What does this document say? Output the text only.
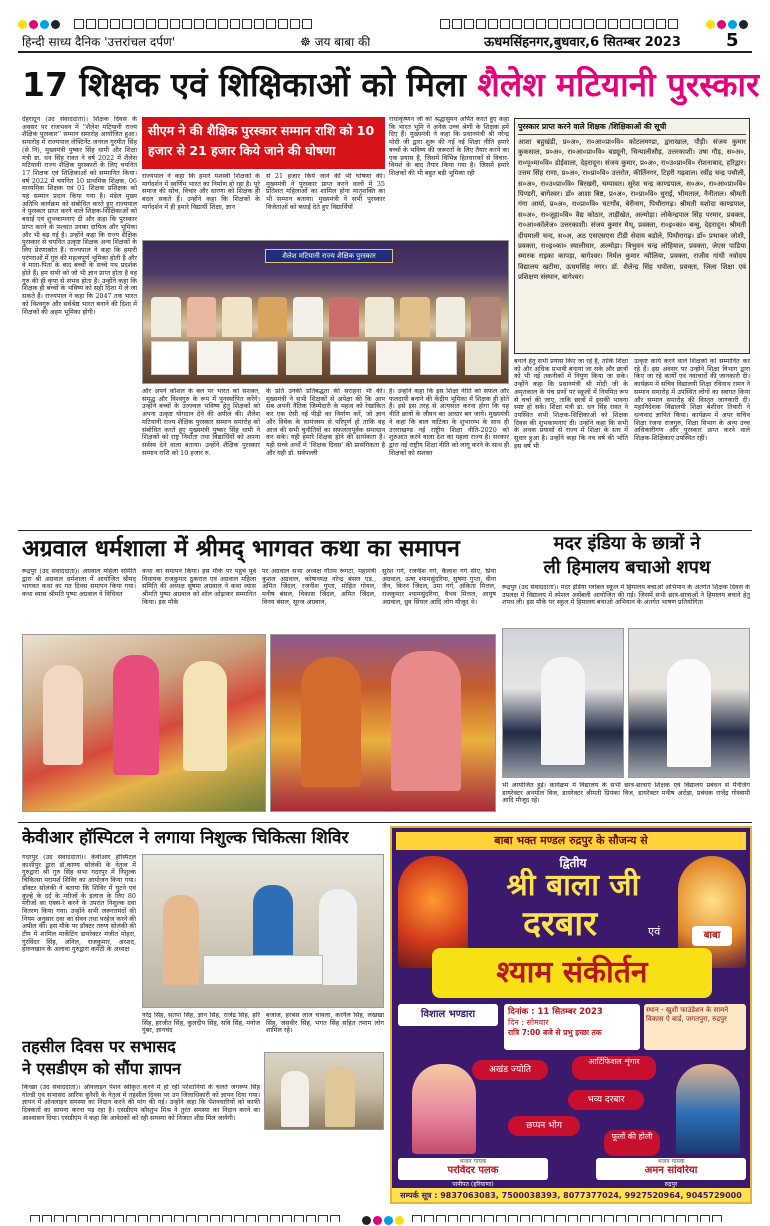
हिन्दी साध्य दैनिक 'उत्तरांचल दर्पण'	☸ जय बाबा की	ऊधमसिंहनगर,बुधवार,6 सितम्बर 2023	5
17 शिक्षक एवं शिक्षिकाओं को मिला शैलेश मटियानी पुरस्कार
देहरादून (उद संवाददाता)। शिक्षक दिवस के अवसर पर राजभवन में ''शैलेश मटियानी राज्य शैक्षिक पुरस्कार'' सम्मान समारोह आयोजित हुआ। समारोह में राज्यपाल लेफ्टिनेंट जनरल गुरमीत सिंह (से नि), मुख्यमंत्री पुष्कर सिंह धामी और शिक्षा मंत्री डा. धन सिंह रावत ने वर्ष 2022 में शैलेश मटियानी राज्य शैक्षिक पुरस्कारों के लिए चयनित 17 शिक्षक एवं शिक्षिकाओं को सम्मानित किया। वर्ष 2022 में चयनित 10 प्राथमिक शिक्षक, 06 माध्यमिक शिक्षक एवं 01 शिक्षक प्रशिक्षक को यह सम्मान प्रदान किया गया है। मंडेल मुख्य अतिथि कार्यक्रम को संबोधित करते हुए राज्यपाल ने पुरस्कार प्राप्त करने वाले शिक्षक-शिक्षिकाओं को बधाई एवं शुभकामनाएं दी और कहा कि पुरस्कार प्राप्त करने के पश्चात उनका दायित्व और भूमिका और भी बढ़ गई है। उन्होंने कहा कि राज्य शैक्षिक पुरस्कार से चयनित उत्कृष्ट शिक्षक अन्य शिक्षकों के लिए प्रेरणास्रोत हैं। राज्यपाल ने कहा कि हमारी परंपराओं में गुरु की महत्वपूर्ण भूमिका होती है और वे माता-पिता के बाद बच्चों के सच्चे पथ प्रदर्शक होते हैं। हम सभी को जो भी ज्ञान प्राप्त होता है वह गुरु की ही कृपा से संभव होता है। उन्होंने कहा कि शिक्षक ही बच्चों के भविष्य को सही दिशा में ले जा सकते हैं। राज्यपाल ने कहा कि 2047 तक भारत को विश्वगुरु और सर्वश्रेष्ठ भारत बनाने की दिशा में शिक्षकों की अहम भूमिका होगी।
सीएम ने की शैक्षिक पुरस्कार सम्मान राशि को 10 हजार से 21 हजार किये जाने की घोषणा
राज्यपाल ने कहा कि हमारे यशस्वी शिक्षकों के मार्गदर्शन में स्वर्णिम भारत का निर्माण हो रहा है। पूरे समाज की सोच, विचार और धारणा को शिक्षक ही बदल सकते हैं। उन्होंने कहा कि शिक्षकों के मार्गदर्शन में ही हमारे विद्यार्थी शिक्षा, ज्ञान
से 21 हजार किये जाने की भी घोषणा की। मुख्यमंत्री ने पुरस्कार प्राप्त करने वालों में 35 प्रतिशत महिलाओं का शामिल होना मातृशक्ति का भी सम्मान बताया। मुख्यमंत्री ने सभी पुरस्कार विजेताओं को बधाई देते हुए विद्यार्थियों
राधाकृष्णन जी को श्रद्धासुमन अर्पित करते हुए कहा कि भारत भूमि ने अनेक उच्च श्रेणी के शिक्षक हमें दिए हैं। मुख्यमंत्री ने कहा कि प्रधानमंत्री श्री नरेन्द्र मोदी जी द्वारा शुरू की गई नई शिक्षा नीति हमारे बच्चों के भविष्य की जरूरतों के लिए तैयार करने का एक प्रयास है, जिसमें विभिन्न हितधारकों से विचार-विमर्श के बाद तैयार किया गया है। जिसमें हमारे शिक्षकों की भी बहुत बड़ी भूमिका रही
शैलेश मटियानी राज्य शैक्षिक पुरस्कार
और अपने कौशल के बल पर भारत को सशक्त, समृद्ध और विश्वगुरु के रूप में पुनर्स्थापित करेंगे। उन्होंने बच्चों के उज्ज्वल भविष्य हेतु शिक्षकों को अपना उत्कृष्ट योगदान देने की अपील की। शैलेश मटियानी राज्य शैक्षिक पुरस्कार सम्मान समारोह को संबोधित करते हुए मुख्यमंत्री पुष्कर सिंह धामी ने शिक्षकों को राष्ट्र निर्माता तथा विद्यार्थियों को अपना सर्वस्व देने वाला बताया। उन्होंने शैक्षिक पुरस्कार सम्मान राशि को 10 हजार रु.
के प्रति उनकी प्रतिबद्धता की सराहना भी की। मुख्यमंत्री ने सभी शिक्षकों से अपेक्षा की कि आप सब अपनी नैतिक जिम्मेदारी के महत्व को रेखांकित कर एक ऐसी नई पीढ़ी का निर्माण करें, जो ज्ञान और विवेक के सामंजस्य से परिपूर्ण हो ताकि वह आज की सभी चुनौतियों का सफलतापूर्वक समाधान कर सके। यही हमारे शिक्षक होने की सार्थकता है। यही सच्चे अर्थों में 'शिक्षक दिवस' की प्रासंगिकता है और यही डॉ. सर्वपल्ली
है। उन्होंने कहा कि इस शिक्षा नीति को सफल और फलदायी बनाने की केंद्रीय भूमिका में शिक्षक ही होते हैं। इसे इस तरह से अत्यसात करना होगा कि यह नीति छात्रों के जीवन का आधार बन जाये। मुख्यमंत्री ने कहा कि बाल वाटिका के शुभारम्भ के साथ ही उत्तराखण्ड नई राष्ट्रीय शिक्षा नीति-2020 को शुरुआत करने वाला देश का पहला राज्य है। सरकार द्वारा नई राष्ट्रीय शिक्षा नीति को लागू करने के साथ ही शिक्षकों को सशक्त
पुरस्कार प्राप्त करने वाले शिक्षक /शिक्षिकाओं की सूची
आशा बहुखंडी, प्र०अ०, रा०आ०प्रा०वि० कोटलमण्डा, द्वाराखाल, पौड़ी। संजय कुमार कुकसाल, प्र०अ०, रा०आ०प्रा०वि० बड्यूनी, चिन्यालीसौड़, उत्तरकाशी। उषा गौड़, स०अ०, रा०पू०मा०वि० डोईवाला, देहरादून। संजय कुमार, प्र०अ०, रा०उ०प्रा०वि० रोशनाबाद, हरिद्वार। उत्तम सिंह राणा, प्र०अ०, रा०प्रा०वि० उत्तरोत, कीर्तिनगर, टिहरी गढ़वाल। रवींद्र चन्द्र पचौली, स०अ०, रा०उ०प्रा०वि० बिरखरी, चम्पावत। सुरेश चन्द्र काण्डपाल, स०अ०, रा०आ०प्रा०वि० पिण्डरी, बागेश्वर। डॉ० आशा बिष्ट, प्र०अ०, रा०प्रा०वि० धुराई, भीमताल, नैनीताल। श्रीमती गंगा आर्या, प्र०अ०, रा०प्रा०वि० चटगाँव, बेरीनाग, पिथौरागढ़। श्रीमती यशोदा काण्डपाल, स०अ०, रा०जूहा०वि० वैद्य कोठार, ताड़ीखेत, अल्मोड़ा। लोकेन्द्रपाल सिंह परमार, प्रवक्ता, रा०आ०कॉलेज० उत्तरकाशी। संजय कुमार मैथ्, प्रवक्ता, रा०इ०का० बन्धु, देहरादून। श्रीमती दीपमाली चन्द, स०अ, अठ एसएसएस टीडी सेवाय बडोले, पिथौरागढ़। डॉ० प्रभाकर जोशी, प्रवक्ता, रा०इ०का० स्यालीधार, अल्मोड़ा। त्रिभुवन चन्द्र लोहियाल, प्रवक्ता, जेएस पाडिया स्मारक राइका कापड़ा, बागेश्वर। निर्मल कुमार न्यौलिया, प्रवक्ता, राजीव गांधी नवोदय विद्यालय खटीमा, ऊधमसिंह नगर। डॉ. शैलेन्द्र सिंह धपोला, प्रवक्ता, जिला शिक्षा एवं प्रशिक्षण संस्थान, बागेश्वर।
बनाने हेतु सभी प्रयास किए जा रहे हैं, ताकि शिक्षा को और अधिक प्रभावी बनाया जा सके और छात्रों को भी नई तकनीकों में निपुण किया जा सके। उन्होंने कहा कि प्रधानमंत्री श्री मोदी जी के अमृतकाल के पंच प्रणों पर स्कूलों में नियमित रूप से चर्चा की जाए, ताकि छात्रों में इसकी भावना स्पष्ट हो सके। शिक्षा मंत्री डा. धन सिंह रावत ने उपस्थित सभी शिक्षक-शिक्षिकाओं को शिक्षक दिवस की शुभकामनाएं दी। उन्होंने कहा कि सभी के अथक प्रयासों से राज्य में शिक्षा के स्तर में सुधार हुआ है। उन्होंने कहा कि नव वर्ष की भाँति इस वर्ष भी
उत्कृष्ट कार्य करने वाले शिक्षकों को सम्मानित कर रहे हैं। इस अवसर पर उन्होंने शिक्षा विभाग द्वारा किए जा रहे कार्यों एवं नवाचारों की जानकारी दी। कार्यक्रम में सचिव विद्यालयी शिक्षा रविनाथ रामन ने सम्मान समारोह में उपस्थित लोगों का स्वागत किया और सम्मान समारोह की विस्तृत जानकारी दी। महानिदेशक विद्यालयी शिक्षा बंशीधर तिवारी ने धन्यवाद ज्ञापित किया। कार्यक्रम में अपर सचिव शिक्षा रंजना राजगुरु, शिक्षा विभाग के अन्य उच्च अधिकारीगण और पुरस्कार प्राप्त करने वाले शिक्षक-शिक्षिकाएं उपस्थित रहीं।
अग्रवाल धर्मशाला में श्रीमद् भागवत कथा का समापन
रूद्रपुर (उद संवाददाता)। अग्रवाल महिला समिति द्वारा श्री अग्रवाल धर्मशाला में आयोजित श्रीमद् भागवत कथा का गत दिवस समापन किया गया। कथा व्यास श्रीमति पुष्पा अग्रवाल ने विधिवत
कथा का समापन किया। इस मौके पर पहुंचे पूर्व विधायक राजकुमार ठुकराल एवं अग्रवाल महिला समिति की अध्यक्ष सुषमा अग्रवाल ने कथा व्यास श्रीमति पुष्पा अग्रवाल को शॉल ओढ़ाकर सम्मानित किया। इस मौके
पर अग्रवाल सभा अध्यक्ष गौतम रूंगटा, महामंत्री कुशल अग्रवाल, कोषाध्यक्ष नरेन्द्र बंसल एड., अमित जिंदल, रजनीश गुप्ता, मोहित गोयल, मनीष बंसल, विकास जिंदल, अमित जिंदल, विनय बंसल, सूरज अग्रवाल,
सुरेश गर्ग, रजनीश गर्ग, कैलाश गर्ग सीए, प्रिया अग्रवाल, ऊषा श्यामसुंदरिया, सुषमा गुप्ता, वीना जैन, किरन जिंदल, उमा गर्ग, अंकिता मित्तल, राजकुमार श्यामसुंदरिया, वैभव मित्तल, आयुष अग्रवाल, ध्रुव सिंघल आदि लोग मौजूद थे।
मदर इंडिया के छात्रों ने
ली हिमालय बचाओ शपथ
रूद्रपुर (उद संवाददाता)। मदर इंडिया ग्लोबल स्कूल में हिमालय बचाओ अभियान के अंतर्गत शिक्षक दिवस के उपलक्ष में विद्यालय में स्पेशल असेंबली आयोजित की गई। जिसमें सभी छात्र-छात्राओं ने हिमालय बचाने हेतु शपथ ली। इस मौके पर स्कूल में हिमालय बचाओ अभियान के अंतर्गत भाषण प्रतियोगिता
भी आयोजित हुई। कार्यक्रम में विद्यालय के सभी छात्र-छात्राएं शिक्षक एवं विद्यालय प्रबंधन से मैनेजिंग डायरेक्टर अनमोल विज, डायरेक्टर श्रीमती प्रियंका विज, डायरेक्टर मनीष अरोड़ा, प्रबंधक राजेंद्र गोस्वामी आदि मौजूद रहे।
केवीआर हॉस्पिटल ने लगाया निशुल्क चिकित्सा शिविर
गदरपुर (उद संवाददाता)। केवीआर हॉस्पिटल काशीपुर द्वारा डॉ.काण्य सोलंकी के नेतृत्व में गुरुद्वारा श्री गुरु सिंह सभा गदरपुर में निशुल्क चिकित्सा परामर्श शिविर का आयोजन किया गया। डॉक्टर सोलंकी ने बताया कि शिविर में घुटने एवं कूल्हे के दर्द के मरीजों के इलाज के लिए 80 मरीजों का एक्स-रे करने के उपरांत निशुल्क दवा वितरण किया गया। उन्होंने सभी जरूरतमंदों की नियम अनुसार दवा का सेवन तथा परहेज करने की अपील की। इस मौके पर डॉक्टर तरुण सोलंकी की टीम में शामिल मार्केटिंग डायरेक्टर मंजीत मोहरा, गुरविंदर सिंह, अनिल, राजकुमार, अरशद, हारुनखान के अलावा गुरुद्वारा कमेटी के अध्यक्ष
नरेंद्र सिंह, सतपा सिंह, ज्ञान सिंह, राजेंद्र सिंह, हरि सिंह, हरजीत सिंह, कुलदीप सिंह, सवि सिंह, मनोज गुंबर, ज्ञानचंद
बजाज, हरबंस लाल चावला, करनैल सिंह, लखखा सिंह, जसवीर सिंह, भगत सिंह सहित तमाम लोग शामिल रहे।
तहसील दिवस पर सभासद
ने एसडीएम को सौंपा ज्ञापन
किच्छा (उद संवाददाता)। ऑनलाइन पेंशन स्वीकृत करने में हो रही परेशानियों के चलते जगरूप सिंह गोल्डी एवं सभासद आरिफ कुरैशी के नेतृत्व में तहसील दिवस पर उप जिलाधिकारी को ज्ञापन दिया गया। ज्ञापन में ऑनलाइन समस्या का निदान करने की मांग की गई। उन्होंने कहा कि पेंशनधारियों को काफी दिक्कतों का सामना करना पड़ रहा है। एसडीएम कौस्तुभ मिश्र ने तुरंत समस्या का निदान करने का आश्वासन दिया। एसडीएम ने कहा कि आवेदकों को रही समस्या को निजात शीघ्र मिल जायेगी।
बाबा भक्त मण्डल रुद्रपुर के सौजन्य से
बाबा
द्वितीय
श्री बाला जी
दरबार	एवं
श्याम संकीर्तन
विशाल भण्डारा	दिनांक : 11 सितम्बर 2023
दिन : सोमवार
रात्रि 7:00 बजे से प्रभु इच्छा तक
स्थान - खुशी फाउंडेशन के सामने विकास ऐ बार्ड, जगतपुरा, रुद्रपुर
अखंड ज्योति
आर्टिफिशल शृंगार
भव्य दरबार
छप्पन भोग
फूलों की होली
भजन गायक
परविंदर पलक
पानीपत (हरियाणा)
भजन गायक
अमन सांवरिया
रुद्रपुर
सम्पर्क सूत्र : 9837063083, 7500038393, 8077377024, 9927520964, 9045729000
